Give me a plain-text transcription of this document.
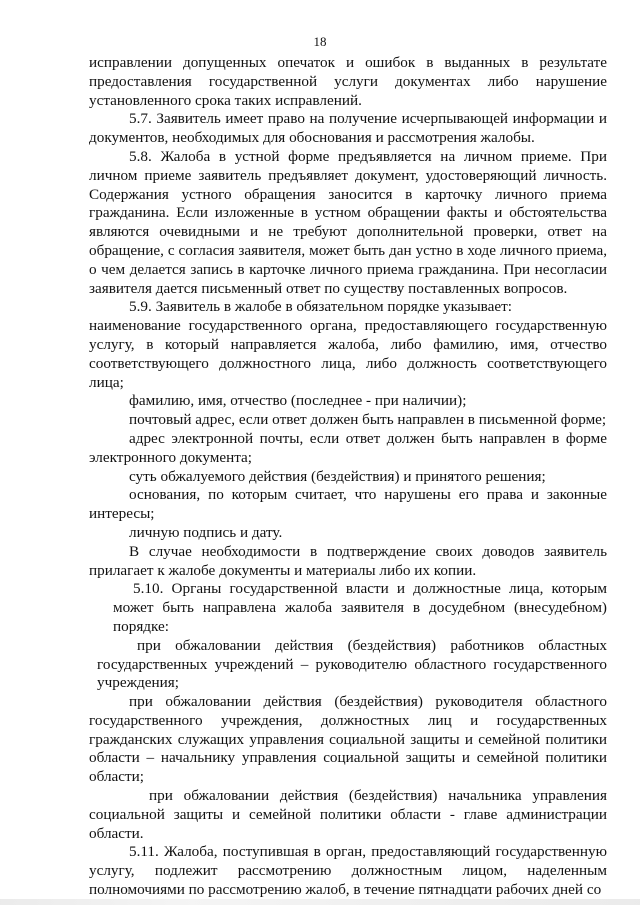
18

исправлении допущенных опечаток и ошибок в выданных в результате предоставления государственной услуги документах либо нарушение установленного срока таких исправлений.

5.7. Заявитель имеет право на получение исчерпывающей информации и документов, необходимых для обоснования и рассмотрения жалобы.

5.8. Жалоба в устной форме предъявляется на личном приеме. При личном приеме заявитель предъявляет документ, удостоверяющий личность. Содержания устного обращения заносится в карточку личного приема гражданина. Если изложенные в устном обращении факты и обстоятельства являются очевидными и не требуют дополнительной проверки, ответ на обращение, с согласия заявителя, может быть дан устно в ходе личного приема, о чем делается запись в карточке личного приема гражданина. При несогласии заявителя дается письменный ответ по существу поставленных вопросов.

5.9. Заявитель в жалобе в обязательном порядке указывает:

наименование государственного органа, предоставляющего государственную услугу, в который направляется жалоба, либо фамилию, имя, отчество соответствующего должностного лица, либо должность соответствующего лица;

фамилию, имя, отчество (последнее - при наличии);

почтовый адрес, если ответ должен быть направлен в письменной форме;

адрес электронной почты, если ответ должен быть направлен в форме электронного документа;

суть обжалуемого действия (бездействия) и принятого решения;

основания, по которым считает, что нарушены его права и законные интересы;

личную подпись и дату.

В случае необходимости в подтверждение своих доводов заявитель прилагает к жалобе документы и материалы либо их копии.

5.10. Органы государственной власти и должностные лица, которым может быть направлена жалоба заявителя в досудебном (внесудебном) порядке:

при обжаловании действия (бездействия) работников областных государственных учреждений – руководителю областного государственного учреждения;

при обжаловании действия (бездействия) руководителя областного государственного учреждения, должностных лиц и государственных гражданских служащих управления социальной защиты и семейной политики области – начальнику управления социальной защиты и семейной политики области;

при обжаловании действия (бездействия) начальника управления социальной защиты и семейной политики области - главе администрации области.

5.11. Жалоба, поступившая в орган, предоставляющий государственную услугу, подлежит рассмотрению должностным лицом, наделенным полномочиями по рассмотрению жалоб, в течение пятнадцати рабочих дней со
